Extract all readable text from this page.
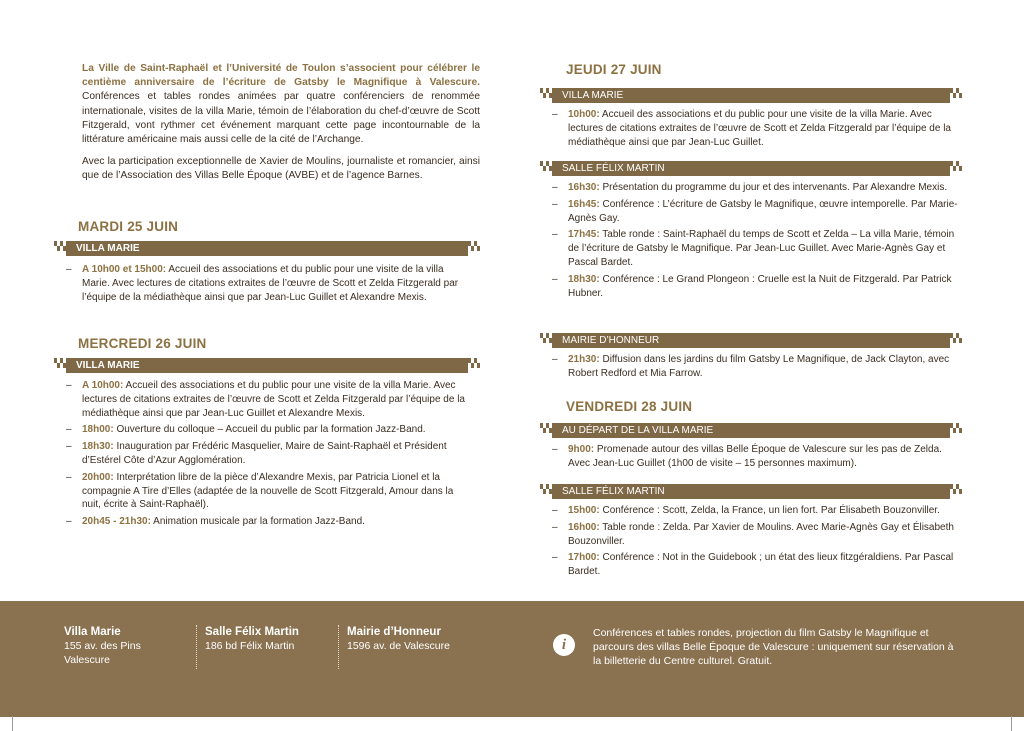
La Ville de Saint-Raphaël et l’Université de Toulon s’associent pour célébrer le centième anniversaire de l’écriture de Gatsby le Magnifique à Valescure. Conférences et tables rondes animées par quatre conférenciers de renommée internationale, visites de la villa Marie, témoin de l’élaboration du chef-d’œuvre de Scott Fitzgerald, vont rythmer cet événement marquant cette page incontournable de la littérature américaine mais aussi celle de la cité de l’Archange.

Avec la participation exceptionnelle de Xavier de Moulins, journaliste et romancier, ainsi que de l’Association des Villas Belle Époque (AVBE) et de l’agence Barnes.

MARDI 25 JUIN
VILLA MARIE
– A 10h00 et 15h00: Accueil des associations et du public pour une visite de la villa Marie. Avec lectures de citations extraites de l’œuvre de Scott et Zelda Fitzgerald par l’équipe de la médiathèque ainsi que par Jean-Luc Guillet et Alexandre Mexis.
MERCREDI 26 JUIN
VILLA MARIE
– A 10h00: Accueil des associations et du public pour une visite de la villa Marie. Avec lectures de citations extraites de l’œuvre de Scott et Zelda Fitzgerald par l’équipe de la médiathèque ainsi que par Jean-Luc Guillet et Alexandre Mexis.
– 18h00: Ouverture du colloque – Accueil du public par la formation Jazz-Band.
– 18h30: Inauguration par Frédéric Masquelier, Maire de Saint-Raphaël et Président d’Estérel Côte d’Azur Agglomération.
– 20h00: Interprétation libre de la pièce d’Alexandre Mexis, par Patricia Lionel et la compagnie A Tire d’Elles (adaptée de la nouvelle de Scott Fitzgerald, Amour dans la nuit, écrite à Saint-Raphaël).
– 20h45 - 21h30: Animation musicale par la formation Jazz-Band.
JEUDI 27 JUIN
VILLA MARIE
– 10h00: Accueil des associations et du public pour une visite de la villa Marie. Avec lectures de citations extraites de l’œuvre de Scott et Zelda Fitzgerald par l’équipe de la médiathèque ainsi que par Jean-Luc Guillet.
SALLE FÉLIX MARTIN
– 16h30: Présentation du programme du jour et des intervenants. Par Alexandre Mexis.
– 16h45: Conférence : L’écriture de Gatsby le Magnifique, œuvre intemporelle. Par Marie-Agnès Gay.
– 17h45: Table ronde : Saint-Raphaël du temps de Scott et Zelda – La villa Marie, témoin de l’écriture de Gatsby le Magnifique. Par Jean-Luc Guillet. Avec Marie-Agnès Gay et Pascal Bardet.
– 18h30: Conférence : Le Grand Plongeon : Cruelle est la Nuit de Fitzgerald. Par Patrick Hubner.
MAIRIE D’HONNEUR
– 21h30: Diffusion dans les jardins du film Gatsby Le Magnifique, de Jack Clayton, avec Robert Redford et Mia Farrow.
VENDREDI 28 JUIN
AU DÉPART DE LA VILLA MARIE
– 9h00: Promenade autour des villas Belle Époque de Valescure sur les pas de Zelda. Avec Jean-Luc Guillet (1h00 de visite – 15 personnes maximum).
SALLE FÉLIX MARTIN
– 15h00: Conférence : Scott, Zelda, la France, un lien fort. Par Élisabeth Bouzonviller.
– 16h00: Table ronde : Zelda. Par Xavier de Moulins. Avec Marie-Agnès Gay et Élisabeth Bouzonviller.
– 17h00: Conférence : Not in the Guidebook ; un état des lieux fitzgéraldiens. Par Pascal Bardet.
Villa Marie
155 av. des Pins
Valescure
Salle Félix Martin
186 bd Félix Martin
Mairie d’Honneur
1596 av. de Valescure	i
Conférences et tables rondes, projection du film Gatsby le Magnifique et parcours des villas Belle Époque de Valescure : uniquement sur réservation à la billetterie du Centre culturel. Gratuit.
